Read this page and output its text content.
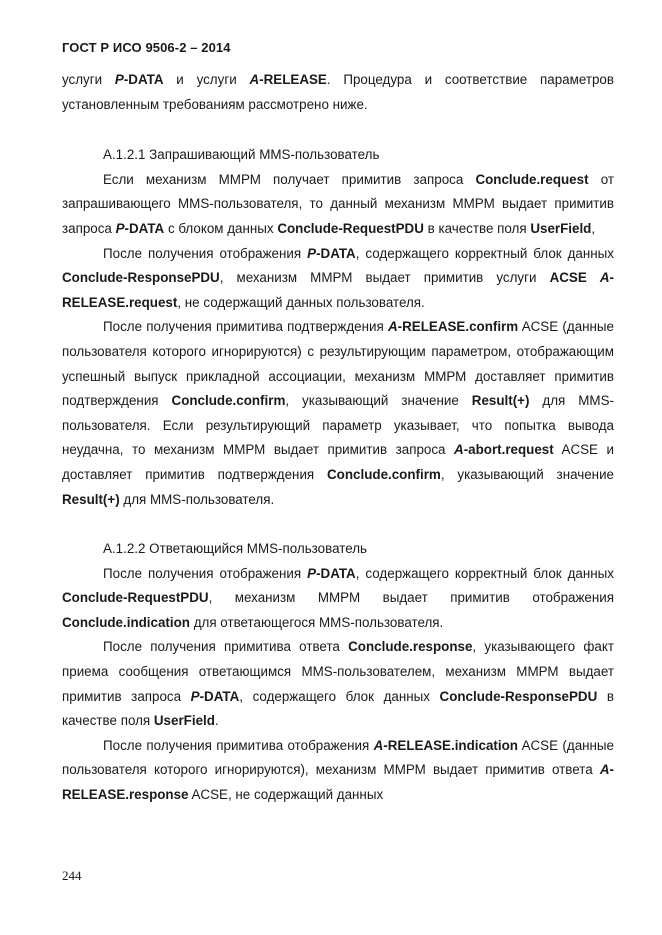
ГОСТ Р ИСО 9506-2 – 2014

услуги P-DATA и услуги A-RELEASE. Процедура и соответствие параметров установленным требованиям рассмотрено ниже.

А.1.2.1 Запрашивающий MMS-пользователь

Если механизм ММРМ получает примитив запроса Conclude.request от запрашивающего MMS-пользователя, то данный механизм ММРМ выдает примитив запроса P-DATA с блоком данных Conclude-RequestPDU в качестве поля UserField,

После получения отображения P-DATA, содержащего корректный блок данных Conclude-ResponsePDU, механизм ММРМ выдает примитив услуги ACSE A-RELEASE.request, не содержащий данных пользователя.

После получения примитива подтверждения A-RELEASE.confirm ACSE (данные пользователя которого игнорируются) с результирующим параметром, отображающим успешный выпуск прикладной ассоциации, механизм ММРМ доставляет примитив подтверждения Conclude.confirm, указывающий значение Result(+) для MMS-пользователя. Если результирующий параметр указывает, что попытка вывода неудачна, то механизм ММРМ выдает примитив запроса A-abort.request ACSE и доставляет примитив подтверждения Conclude.confirm, указывающий значение Result(+) для MMS-пользователя.

А.1.2.2 Ответающийся MMS-пользователь

После получения отображения P-DATA, содержащего корректный блок данных Conclude-RequestPDU, механизм ММРМ выдает примитив отображения Conclude.indication для ответающегося MMS-пользователя.

После получения примитива ответа Conclude.response, указывающего факт приема сообщения ответающимся MMS-пользователем, механизм ММРМ выдает примитив запроса P-DATA, содержащего блок данных Conclude-ResponsePDU в качестве поля UserField.

После получения примитива отображения A-RELEASE.indication ACSE (данные пользователя которого игнорируются), механизм ММРМ выдает примитив ответа A-RELEASE.response ACSE, не содержащий данных

244
